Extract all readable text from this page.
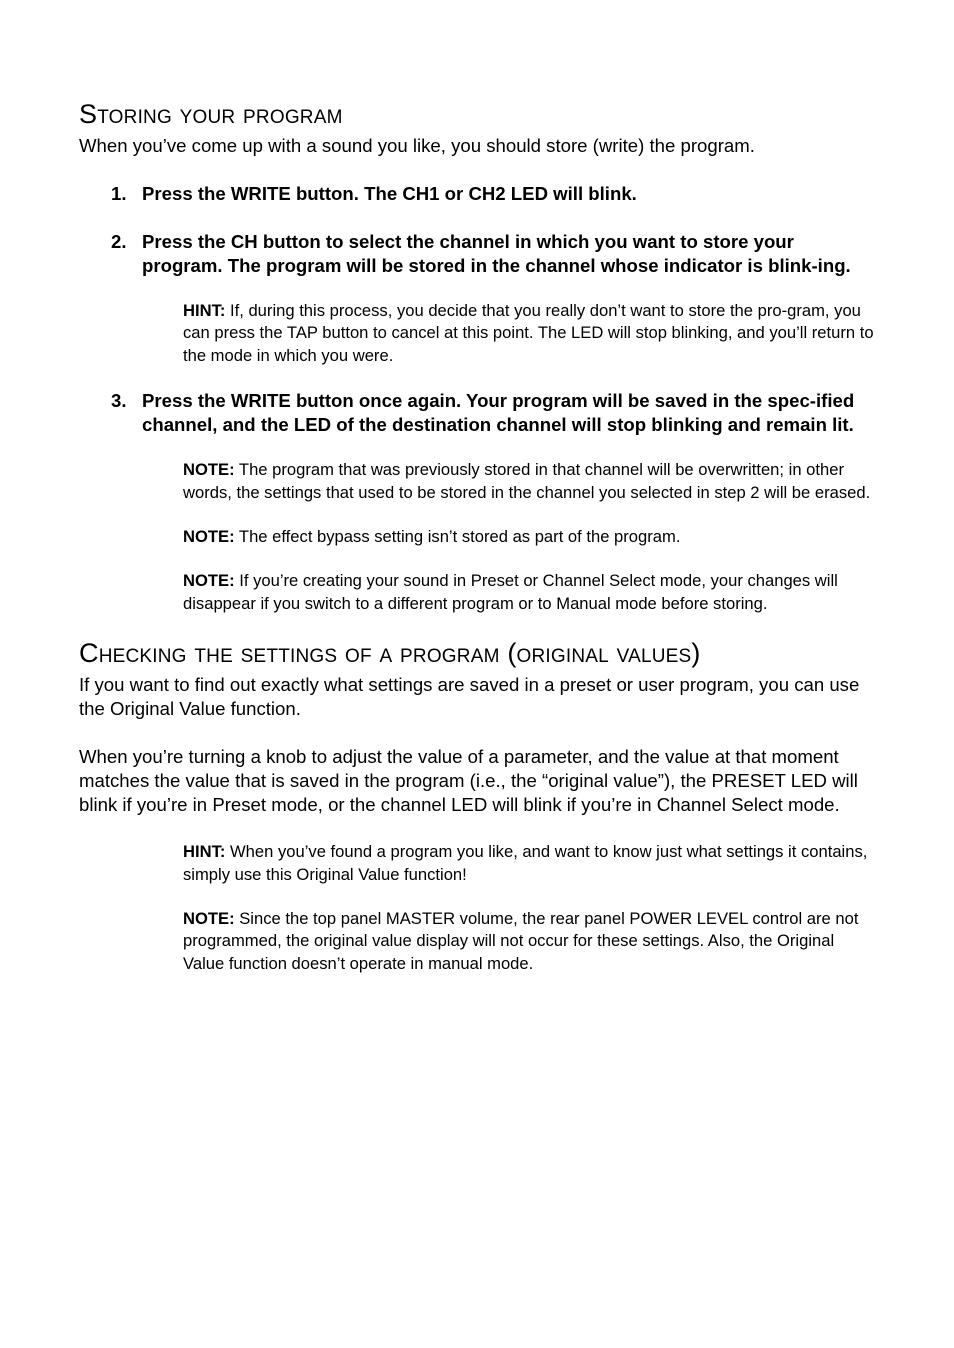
Storing your program

When you’ve come up with a sound you like, you should store (write) the program.

1. Press the WRITE button. The CH1 or CH2 LED will blink.
2. Press the CH button to select the channel in which you want to store your program. The program will be stored in the channel whose indicator is blink-ing.
HINT: If, during this process, you decide that you really don’t want to store the pro-gram, you can press the TAP button to cancel at this point. The LED will stop blinking, and you’ll return to the mode in which you were.
3. Press the WRITE button once again. Your program will be saved in the spec-ified channel, and the LED of the destination channel will stop blinking and remain lit.
NOTE: The program that was previously stored in that channel will be overwritten; in other words, the settings that used to be stored in the channel you selected in step 2 will be erased.
NOTE: The effect bypass setting isn’t stored as part of the program.
NOTE: If you’re creating your sound in Preset or Channel Select mode, your changes will disappear if you switch to a different program or to Manual mode before storing.
Checking the settings of a program (original values)

If you want to find out exactly what settings are saved in a preset or user program, you can use the Original Value function.

When you’re turning a knob to adjust the value of a parameter, and the value at that moment matches the value that is saved in the program (i.e., the “original value”), the PRESET LED will blink if you’re in Preset mode, or the channel LED will blink if you’re in Channel Select mode.

HINT: When you’ve found a program you like, and want to know just what settings it contains, simply use this Original Value function!
NOTE: Since the top panel MASTER volume, the rear panel POWER LEVEL control are not programmed, the original value display will not occur for these settings. Also, the Original Value function doesn’t operate in manual mode.
